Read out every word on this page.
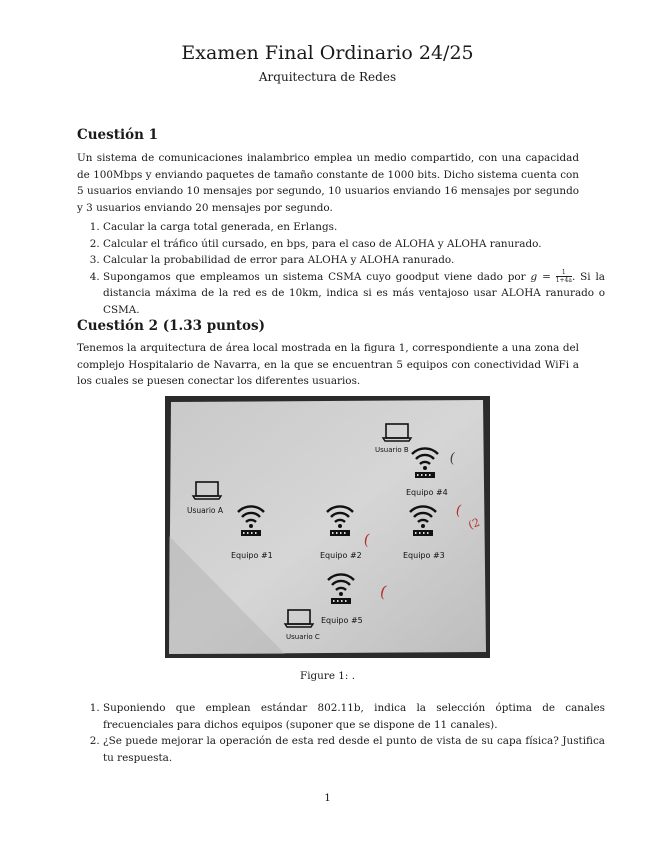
Examen Final Ordinario 24/25
Arquitectura de Redes
Cuestión 1

Un sistema de comunicaciones inalambrico emplea un medio compartido, con una capacidad de 100Mbps y enviando paquetes de tamaño constante de 1000 bits. Dicho sistema cuenta con 5 usuarios enviando 10 mensajes por segundo, 10 usuarios enviando 16 mensajes por segundo y 3 usuarios enviando 20 mensajes por segundo.

1. Cacular la carga total generada, en Erlangs.
2. Calcular el tráfico útil cursado, en bps, para el caso de ALOHA y ALOHA ranurado.
3. Calcular la probabilidad de error para ALOHA y ALOHA ranurado.
4. Supongamos que empleamos un sistema CSMA cuyo goodput viene dado por $g = \frac{1}{1+4a}$ . Si la distancia máxima de la red es de 10km, indica si es más ventajoso usar ALOHA ranurado o CSMA.
Cuestión 2 (1.33 puntos)

Tenemos la arquitectura de área local mostrada en la figura 1, correspondiente a una zona del complejo Hospitalario de Navarra, en la que se encuentran 5 equipos con conectividad WiFi a los cuales se puesen conectar los diferentes usuarios.

Usuario B
Equipo #4
Usuario A
Equipo #1	Equipo #2	Equipo #3
Equipo #5
Usuario C
(
(
(
(
(2
Figure 1: .
1. Suponiendo que emplean estándar 802.11b, indica la selección óptima de canales frecuenciales para dichos equipos (suponer que se dispone de 11 canales).
2. ¿Se puede mejorar la operación de esta red desde el punto de vista de su capa física? Justifica tu respuesta.
1
